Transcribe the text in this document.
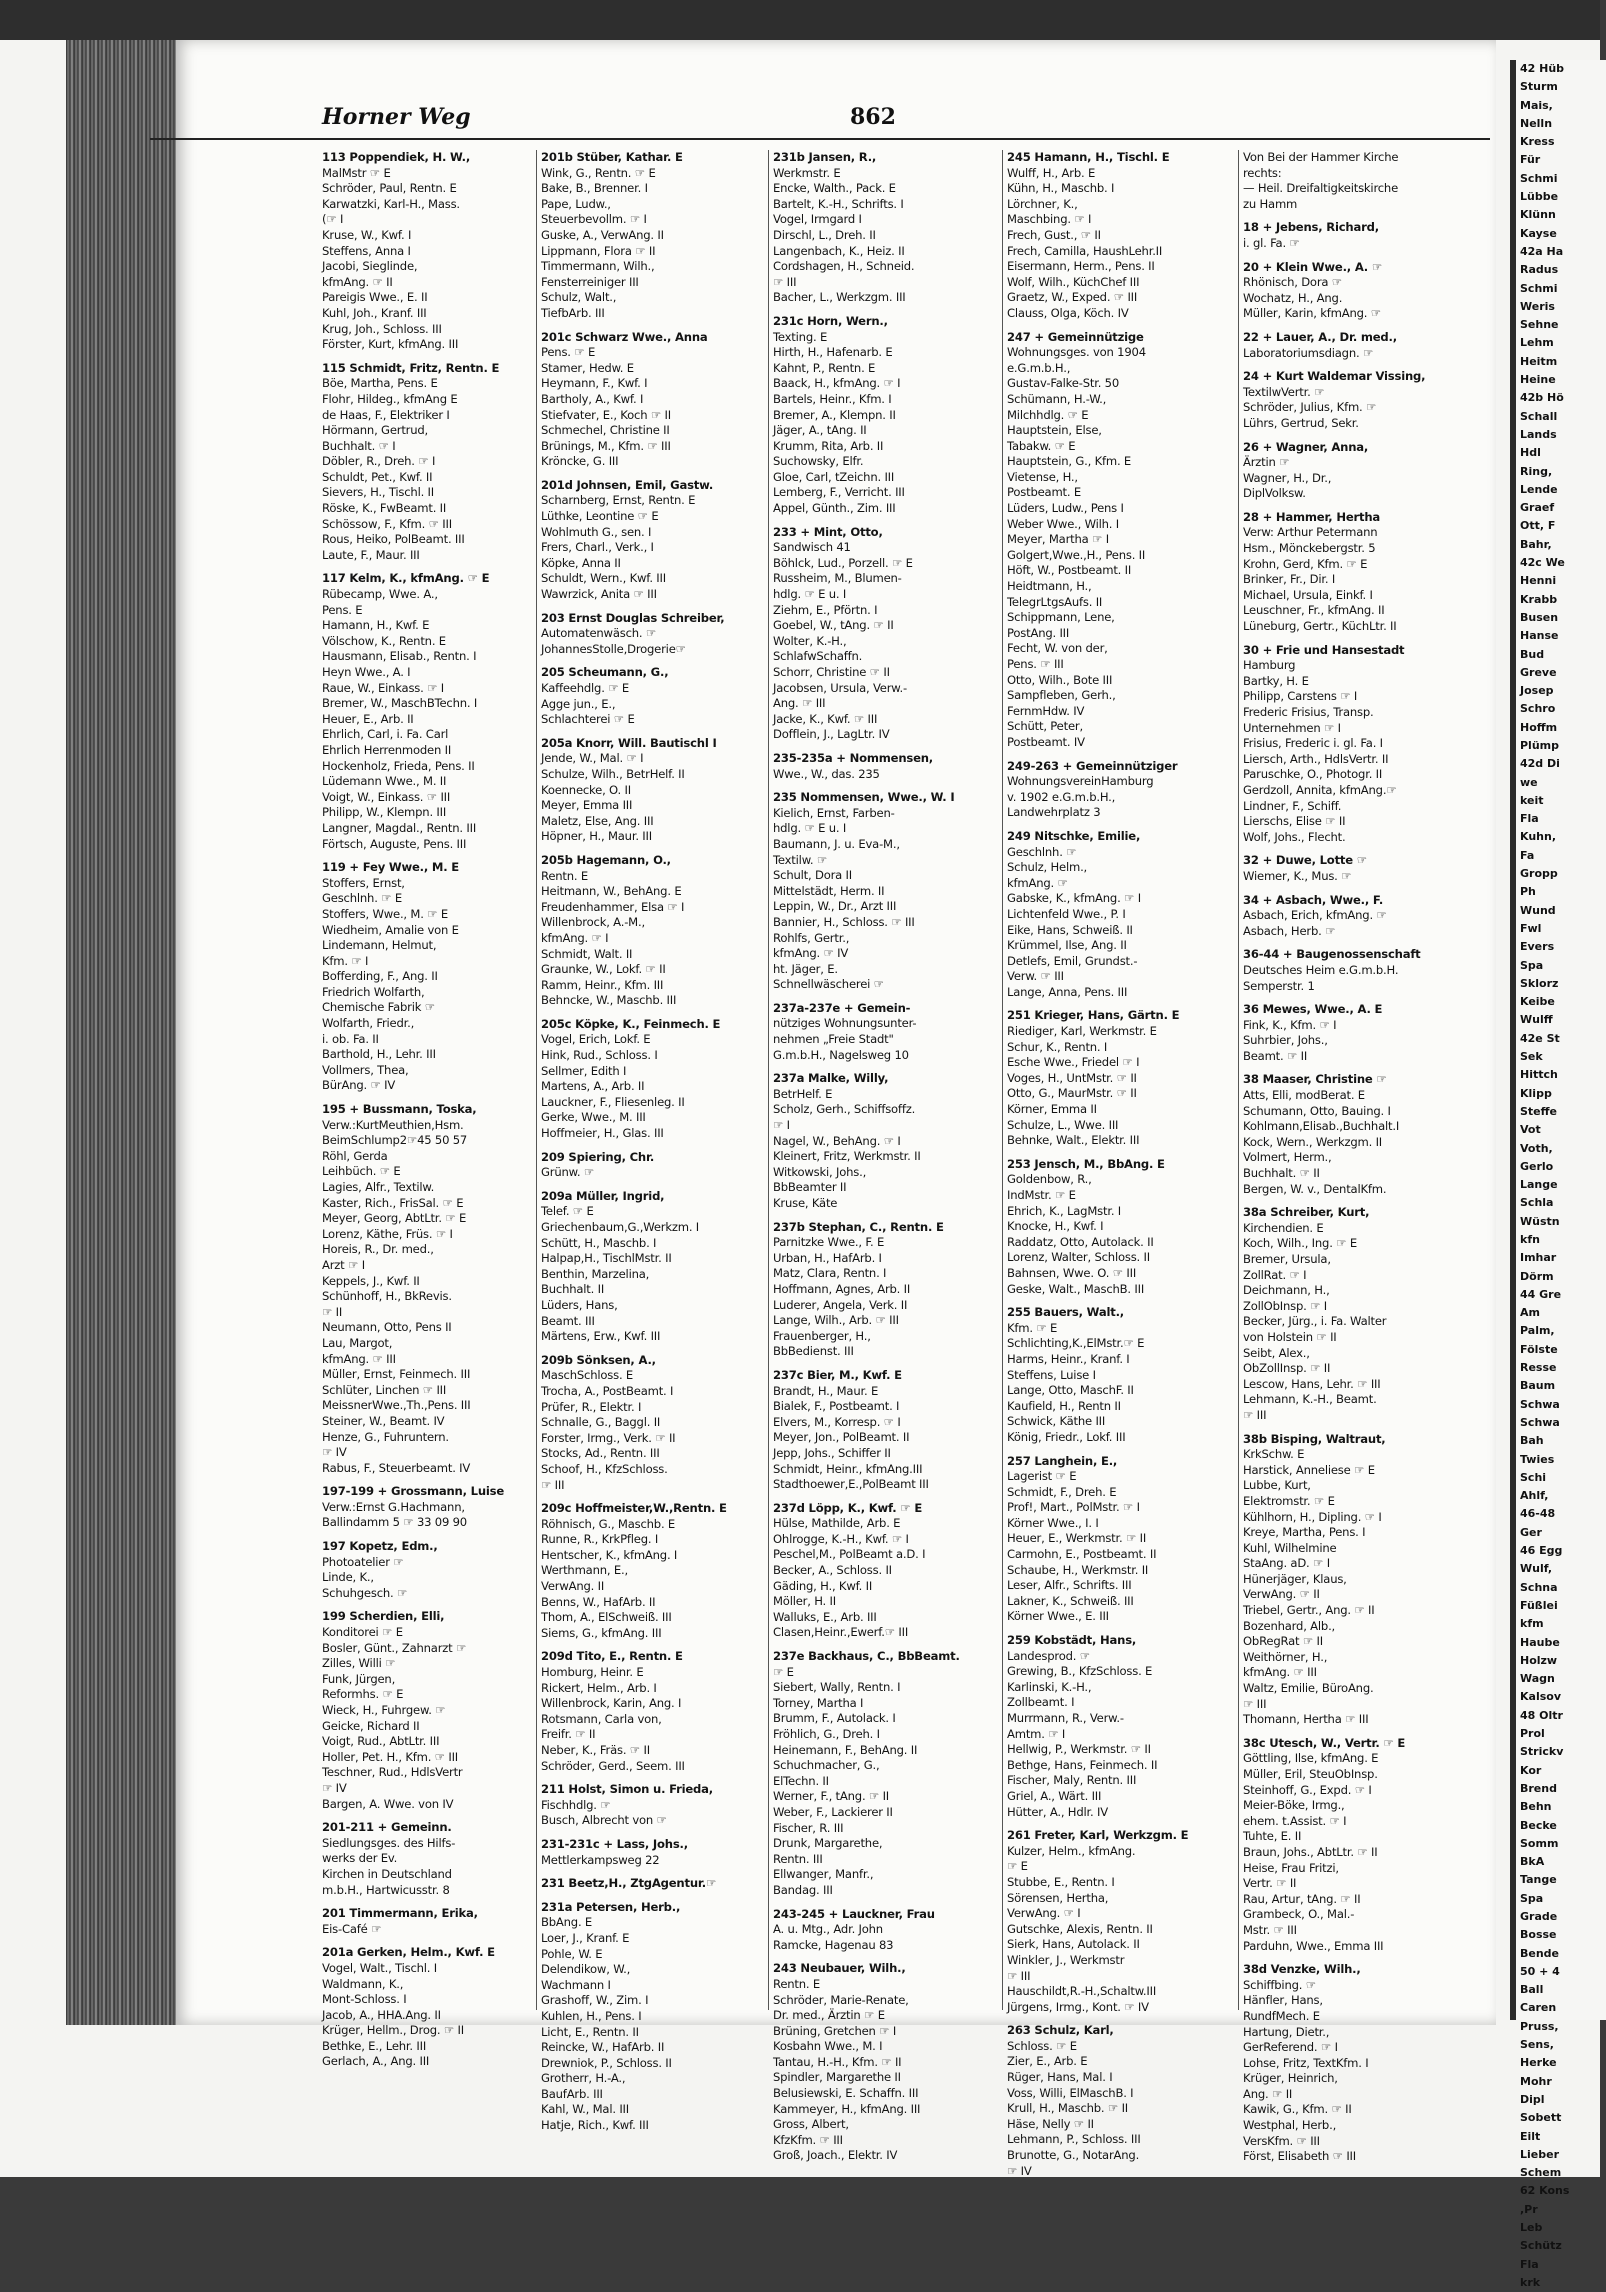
42 Hüb
Sturm
Mais,
Nelln
Kress
Für
Schmi
Lübbe
Klünn
Kayse
42a Ha
Radus
Schmi
Weris
Sehne
Lehm
Heitm
Heine
42b Hö
Schall
Lands
Hdl
Ring,
Lende
Graef
Ott, F
Bahr,
42c We
Henni
Krabb
Busen
Hanse
Bud
Greve
Josep
Schro
Hoffm
Plümp
42d Di
we
keit
Fla
Kuhn,
Fa
Gropp
Ph
Wund
Fwl
Evers
Spa
Sklorz
Keibe
Wulff
42e St
Sek
Hittch
Klipp
Steffe
Vot
Voth,
Gerlo
Lange
Schla
Wüstn
kfn
Imhar
Dörm
44 Gre
Am
Palm,
Fölste
Resse
Baum
Schwa
Schwa
Bah
Twies
Schi
Ahlf,
46-48
Ger
46 Egg
Wulf,
Schna
Füßlei
kfm
Haube
Holzw
Wagn
Kalsov
48 Oltr
Prol
Strickv
Kor
Brend
Behn
Becke
Somm
BkA
Tange
Spa
Grade
Bosse
Bende
50 + 4
Ball
Caren
Pruss,
Sens,
Herke
Mohr
Dipl
Sobett
Eilt
Lieber
Schem
62 Kons
,Pr
Leb
Schütz
Fla
krk
Horner Weg	862
113 Poppendiek, H. W.,
MalMstr ☞ E
Schröder, Paul, Rentn. E
Karwatzki, Karl-H., Mass.
(☞ I
Kruse, W., Kwf. I
Steffens, Anna I
Jacobi, Sieglinde,
kfmAng. ☞ II
Pareigis Wwe., E. II
Kuhl, Joh., Kranf. III
Krug, Joh., Schloss. III
Förster, Kurt, kfmAng. III
115 Schmidt, Fritz, Rentn. E
Böe, Martha, Pens. E
Flohr, Hildeg., kfmAng E
de Haas, F., Elektriker I
Hörmann, Gertrud,
Buchhalt. ☞ I
Döbler, R., Dreh. ☞ I
Schuldt, Pet., Kwf. II
Sievers, H., Tischl. II
Röske, K., FwBeamt. II
Schössow, F., Kfm. ☞ III
Rous, Heiko, PolBeamt. III
Laute, F., Maur. III
117 Kelm, K., kfmAng. ☞ E
Rübecamp, Wwe. A.,
Pens. E
Hamann, H., Kwf. E
Völschow, K., Rentn. E
Hausmann, Elisab., Rentn. I
Heyn Wwe., A. I
Raue, W., Einkass. ☞ I
Bremer, W., MaschBTechn. I
Heuer, E., Arb. II
Ehrlich, Carl, i. Fa. Carl
Ehrlich Herrenmoden II
Hockenholz, Frieda, Pens. II
Lüdemann Wwe., M. II
Voigt, W., Einkass. ☞ III
Philipp, W., Klempn. III
Langner, Magdal., Rentn. III
Förtsch, Auguste, Pens. III
119 + Fey Wwe., M. E
Stoffers, Ernst,
Geschlnh. ☞ E
Stoffers, Wwe., M. ☞ E
Wiedheim, Amalie von E
Lindemann, Helmut,
Kfm. ☞ I
Bofferding, F., Ang. II
Friedrich Wolfarth,
Chemische Fabrik ☞
Wolfarth, Friedr.,
i. ob. Fa. II
Barthold, H., Lehr. III
Vollmers, Thea,
BürAng. ☞ IV
195 + Bussmann, Toska,
Verw.:KurtMeuthien,Hsm.
BeimSchlump2☞45 50 57
Röhl, Gerda
Leihbüch. ☞ E
Lagies, Alfr., Textilw.
Kaster, Rich., FrisSal. ☞ E
Meyer, Georg, AbtLtr. ☞ E
Lorenz, Käthe, Früs. ☞ I
Horeis, R., Dr. med.,
Arzt ☞ I
Keppels, J., Kwf. II
Schünhoff, H., BkRevis.
☞ II
Neumann, Otto, Pens II
Lau, Margot,
kfmAng. ☞ III
Müller, Ernst, Feinmech. III
Schlüter, Linchen ☞ III
MeissnerWwe.,Th.,Pens. III
Steiner, W., Beamt. IV
Henze, G., Fuhruntern.
☞ IV
Rabus, F., Steuerbeamt. IV
197-199 + Grossmann, Luise
Verw.:Ernst G.Hachmann,
Ballindamm 5 ☞ 33 09 90
197 Kopetz, Edm.,
Photoatelier ☞
Linde, K.,
Schuhgesch. ☞
199 Scherdien, Elli,
Konditorei ☞ E
Bosler, Günt., Zahnarzt ☞
Zilles, Willi ☞
Funk, Jürgen,
Reformhs. ☞ E
Wieck, H., Fuhrgew. ☞
Geicke, Richard II
Voigt, Rud., AbtLtr. III
Holler, Pet. H., Kfm. ☞ III
Teschner, Rud., HdlsVertr
☞ IV
Bargen, A. Wwe. von IV
201-211 + Gemeinn.
Siedlungsges. des Hilfs-
werks der Ev.
Kirchen in Deutschland
m.b.H., Hartwicusstr. 8
201 Timmermann, Erika,
Eis-Café ☞
201a Gerken, Helm., Kwf. E
Vogel, Walt., Tischl. I
Waldmann, K.,
Mont-Schloss. I
Jacob, A., HHA.Ang. II
Krüger, Hellm., Drog. ☞ II
Bethke, E., Lehr. III
Gerlach, A., Ang. III
201b Stüber, Kathar. E
Wink, G., Rentn. ☞ E
Bake, B., Brenner. I
Pape, Ludw.,
Steuerbevollm. ☞ I
Guske, A., VerwAng. II
Lippmann, Flora ☞ II
Timmermann, Wilh.,
Fensterreiniger III
Schulz, Walt.,
TiefbArb. III
201c Schwarz Wwe., Anna
Pens. ☞ E
Stamer, Hedw. E
Heymann, F., Kwf. I
Bartholy, A., Kwf. I
Stiefvater, E., Koch ☞ II
Schmechel, Christine II
Brünings, M., Kfm. ☞ III
Kröncke, G. III
201d Johnsen, Emil, Gastw.
Scharnberg, Ernst, Rentn. E
Lüthke, Leontine ☞ E
Wohlmuth G., sen. I
Frers, Charl., Verk., I
Köpke, Anna II
Schuldt, Wern., Kwf. III
Wawrzick, Anita ☞ III
203 Ernst Douglas Schreiber,
Automatenwäsch. ☞
JohannesStolle,Drogerie☞
205 Scheumann, G.,
Kaffeehdlg. ☞ E
Agge jun., E.,
Schlachterei ☞ E
205a Knorr, Will. Bautischl I
Jende, W., Mal. ☞ I
Schulze, Wilh., BetrHelf. II
Koennecke, O. II
Meyer, Emma III
Maletz, Else, Ang. III
Höpner, H., Maur. III
205b Hagemann, O.,
Rentn. E
Heitmann, W., BehAng. E
Freudenhammer, Elsa ☞ I
Willenbrock, A.-M.,
kfmAng. ☞ I
Schmidt, Walt. II
Graunke, W., Lokf. ☞ II
Ramm, Heinr., Kfm. III
Behncke, W., Maschb. III
205c Köpke, K., Feinmech. E
Vogel, Erich, Lokf. E
Hink, Rud., Schloss. I
Sellmer, Edith I
Martens, A., Arb. II
Lauckner, F., Fliesenleg. II
Gerke, Wwe., M. III
Hoffmeier, H., Glas. III
209 Spiering, Chr.
Grünw. ☞
209a Müller, Ingrid,
Telef. ☞ E
Griechenbaum,G.,Werkzm. I
Schütt, H., Maschb. I
Halpap,H., TischlMstr. II
Benthin, Marzelina,
Buchhalt. II
Lüders, Hans,
Beamt. III
Märtens, Erw., Kwf. III
209b Sönksen, A.,
MaschSchloss. E
Trocha, A., PostBeamt. I
Prüfer, R., Elektr. I
Schnalle, G., Baggl. II
Forster, Irmg., Verk. ☞ II
Stocks, Ad., Rentn. III
Schoof, H., KfzSchloss.
☞ III
209c Hoffmeister,W.,Rentn. E
Röhnisch, G., Maschb. E
Runne, R., KrkPfleg. I
Hentscher, K., kfmAng. I
Werthmann, E.,
VerwAng. II
Benns, W., HafArb. II
Thom, A., ElSchweiß. III
Siems, G., kfmAng. III
209d Tito, E., Rentn. E
Homburg, Heinr. E
Rickert, Helm., Arb. I
Willenbrock, Karin, Ang. I
Rotsmann, Carla von,
Freifr. ☞ II
Neber, K., Fräs. ☞ II
Schröder, Gerd., Seem. III
211 Holst, Simon u. Frieda,
Fischhdlg. ☞
Busch, Albrecht von ☞
231-231c + Lass, Johs.,
Mettlerkampsweg 22
231 Beetz,H., ZtgAgentur.☞
231a Petersen, Herb.,
BbAng. E
Loer, J., Kranf. E
Pohle, W. E
Delendikow, W.,
Wachmann I
Grashoff, W., Zim. I
Kuhlen, H., Pens. I
Licht, E., Rentn. II
Reincke, W., HafArb. II
Drewniok, P., Schloss. II
Grotherr, H.-A.,
BaufArb. III
Kahl, W., Mal. III
Hatje, Rich., Kwf. III
231b Jansen, R.,
Werkmstr. E
Encke, Walth., Pack. E
Bartelt, K.-H., Schrifts. I
Vogel, Irmgard I
Dirschl, L., Dreh. II
Langenbach, K., Heiz. II
Cordshagen, H., Schneid.
☞ III
Bacher, L., Werkzgm. III
231c Horn, Wern.,
Texting. E
Hirth, H., Hafenarb. E
Kahnt, P., Rentn. E
Baack, H., kfmAng. ☞ I
Bartels, Heinr., Kfm. I
Bremer, A., Klempn. II
Jäger, A., tAng. II
Krumm, Rita, Arb. II
Suchowsky, Elfr.
Gloe, Carl, tZeichn. III
Lemberg, F., Verricht. III
Appel, Günth., Zim. III
233 + Mint, Otto,
Sandwisch 41
Böhlck, Lud., Porzell. ☞ E
Russheim, M., Blumen-
hdlg. ☞ E u. I
Ziehm, E., Pförtn. I
Goebel, W., tAng. ☞ II
Wolter, K.-H.,
SchlafwSchaffn.
Schorr, Christine ☞ II
Jacobsen, Ursula, Verw.-
Ang. ☞ III
Jacke, K., Kwf. ☞ III
Dofflein, J., LagLtr. IV
235-235a + Nommensen,
Wwe., W., das. 235
235 Nommensen, Wwe., W. I
Kielich, Ernst, Farben-
hdlg. ☞ E u. I
Baumann, J. u. Eva-M.,
Textilw. ☞
Schult, Dora II
Mittelstädt, Herm. II
Leppin, W., Dr., Arzt III
Bannier, H., Schloss. ☞ III
Rohlfs, Gertr.,
kfmAng. ☞ IV
ht. Jäger, E.
Schnellwäscherei ☞
237a-237e + Gemein-
nütziges Wohnungsunter-
nehmen „Freie Stadt"
G.m.b.H., Nagelsweg 10
237a Malke, Willy,
BetrHelf. E
Scholz, Gerh., Schiffsoffz.
☞ I
Nagel, W., BehAng. ☞ I
Kleinert, Fritz, Werkmstr. II
Witkowski, Johs.,
BbBeamter II
Kruse, Käte
237b Stephan, C., Rentn. E
Parnitzke Wwe., F. E
Urban, H., HafArb. I
Matz, Clara, Rentn. I
Hoffmann, Agnes, Arb. II
Luderer, Angela, Verk. II
Lange, Wilh., Arb. ☞ III
Frauenberger, H.,
BbBedienst. III
237c Bier, M., Kwf. E
Brandt, H., Maur. E
Bialek, F., Postbeamt. I
Elvers, M., Korresp. ☞ I
Meyer, Jon., PolBeamt. II
Jepp, Johs., Schiffer II
Schmidt, Heinr., kfmAng.III
Stadthoewer,E.,PolBeamt III
237d Löpp, K., Kwf. ☞ E
Hülse, Mathilde, Arb. E
Ohlrogge, K.-H., Kwf. ☞ I
Peschel,M., PolBeamt a.D. I
Becker, A., Schloss. II
Gäding, H., Kwf. II
Möller, H. II
Walluks, E., Arb. III
Clasen,Heinr.,Ewerf.☞ III
237e Backhaus, C., BbBeamt.
☞ E
Siebert, Wally, Rentn. I
Torney, Martha I
Brumm, F., Autolack. I
Fröhlich, G., Dreh. I
Heinemann, F., BehAng. II
Schuchmacher, G.,
ElTechn. II
Werner, F., tAng. ☞ II
Weber, F., Lackierer II
Fischer, R. III
Drunk, Margarethe,
Rentn. III
Ellwanger, Manfr.,
Bandag. III
243-245 + Lauckner, Frau
A. u. Mtg., Adr. John
Ramcke, Hagenau 83
243 Neubauer, Wilh.,
Rentn. E
Schröder, Marie-Renate,
Dr. med., Ärztin ☞ E
Brüning, Gretchen ☞ I
Kosbahn Wwe., M. I
Tantau, H.-H., Kfm. ☞ II
Spindler, Margarethe II
Belusiewski, E. Schaffn. III
Kammeyer, H., kfmAng. III
Gross, Albert,
KfzKfm. ☞ III
Groß, Joach., Elektr. IV
245 Hamann, H., Tischl. E
Wulff, H., Arb. E
Kühn, H., Maschb. I
Lörchner, K.,
Maschbing. ☞ I
Frech, Gust., ☞ II
Frech, Camilla, HaushLehr.II
Eisermann, Herm., Pens. II
Wolf, Wilh., KüchChef III
Graetz, W., Exped. ☞ III
Clauss, Olga, Köch. IV
247 + Gemeinnützige
Wohnungsges. von 1904
e.G.m.b.H.,
Gustav-Falke-Str. 50
Schümann, H.-W.,
Milchhdlg. ☞ E
Hauptstein, Else,
Tabakw. ☞ E
Hauptstein, G., Kfm. E
Vietense, H.,
Postbeamt. E
Lüders, Ludw., Pens I
Weber Wwe., Wilh. I
Meyer, Martha ☞ I
Golgert,Wwe.,H., Pens. II
Höft, W., Postbeamt. II
Heidtmann, H.,
TelegrLtgsAufs. II
Schippmann, Lene,
PostAng. III
Fecht, W. von der,
Pens. ☞ III
Otto, Wilh., Bote III
Sampfleben, Gerh.,
FernmHdw. IV
Schütt, Peter,
Postbeamt. IV
249-263 + Gemeinnütziger
WohnungsvereinHamburg
v. 1902 e.G.m.b.H.,
Landwehrplatz 3
249 Nitschke, Emilie,
Geschlnh. ☞
Schulz, Helm.,
kfmAng. ☞
Gabske, K., kfmAng. ☞ I
Lichtenfeld Wwe., P. I
Eike, Hans, Schweiß. II
Krümmel, Ilse, Ang. II
Detlefs, Emil, Grundst.-
Verw. ☞ III
Lange, Anna, Pens. III
251 Krieger, Hans, Gärtn. E
Riediger, Karl, Werkmstr. E
Schur, K., Rentn. I
Esche Wwe., Friedel ☞ I
Voges, H., UntMstr. ☞ II
Otto, G., MaurMstr. ☞ II
Körner, Emma II
Schulze, L., Wwe. III
Behnke, Walt., Elektr. III
253 Jensch, M., BbAng. E
Goldenbow, R.,
IndMstr. ☞ E
Ehrich, K., LagMstr. I
Knocke, H., Kwf. I
Raddatz, Otto, Autolack. II
Lorenz, Walter, Schloss. II
Bahnsen, Wwe. O. ☞ III
Geske, Walt., MaschB. III
255 Bauers, Walt.,
Kfm. ☞ E
Schlichting,K.,ElMstr.☞ E
Harms, Heinr., Kranf. I
Steffens, Luise I
Lange, Otto, MaschF. II
Kaufield, H., Rentn II
Schwick, Käthe III
König, Friedr., Lokf. III
257 Langhein, E.,
Lagerist ☞ E
Schmidt, F., Dreh. E
Prof!, Mart., PolMstr. ☞ I
Körner Wwe., I. I
Heuer, E., Werkmstr. ☞ II
Carmohn, E., Postbeamt. II
Schaube, H., Werkmstr. II
Leser, Alfr., Schrifts. III
Lakner, K., Schweiß. III
Körner Wwe., E. III
259 Kobstädt, Hans,
Landesprod. ☞
Grewing, B., KfzSchloss. E
Karlinski, K.-H.,
Zollbeamt. I
Murrmann, R., Verw.-
Amtm. ☞ I
Hellwig, P., Werkmstr. ☞ II
Bethge, Hans, Feinmech. II
Fischer, Maly, Rentn. III
Griel, A., Wärt. III
Hütter, A., Hdlr. IV
261 Freter, Karl, Werkzgm. E
Kulzer, Helm., kfmAng.
☞ E
Stubbe, E., Rentn. I
Sörensen, Hertha,
VerwAng. ☞ I
Gutschke, Alexis, Rentn. II
Sierk, Hans, Autolack. II
Winkler, J., Werkmstr
☞ III
Hauschildt,R.-H.,Schaltw.III
Jürgens, Irmg., Kont. ☞ IV
263 Schulz, Karl,
Schloss. ☞ E
Zier, E., Arb. E
Rüger, Hans, Mal. I
Voss, Willi, ElMaschB. I
Krull, H., Maschb. ☞ II
Häse, Nelly ☞ II
Lehmann, P., Schloss. III
Brunotte, G., NotarAng.
☞ IV
Von Bei der Hammer Kirche
rechts:
— Heil. Dreifaltigkeitskirche
zu Hamm
18 + Jebens, Richard,
i. gl. Fa. ☞
20 + Klein Wwe., A. ☞
Rhönisch, Dora ☞
Wochatz, H., Ang.
Müller, Karin, kfmAng. ☞
22 + Lauer, A., Dr. med.,
Laboratoriumsdiagn. ☞
24 + Kurt Waldemar Vissing,
TextilwVertr. ☞
Schröder, Julius, Kfm. ☞
Lührs, Gertrud, Sekr.
26 + Wagner, Anna,
Ärztin ☞
Wagner, H., Dr.,
DiplVolksw.
28 + Hammer, Hertha
Verw: Arthur Petermann
Hsm., Mönckebergstr. 5
Krohn, Gerd, Kfm. ☞ E
Brinker, Fr., Dir. I
Michael, Ursula, Einkf. I
Leuschner, Fr., kfmAng. II
Lüneburg, Gertr., KüchLtr. II
30 + Frie und Hansestadt
Hamburg
Bartky, H. E
Philipp, Carstens ☞ I
Frederic Frisius, Transp.
Unternehmen ☞ I
Frisius, Frederic i. gl. Fa. I
Liersch, Arth., HdlsVertr. II
Paruschke, O., Photogr. II
Gerdzoll, Annita, kfmAng.☞
Lindner, F., Schiff.
Lierschs, Elise ☞ II
Wolf, Johs., Flecht.
32 + Duwe, Lotte ☞
Wiemer, K., Mus. ☞
34 + Asbach, Wwe., F.
Asbach, Erich, kfmAng. ☞
Asbach, Herb. ☞
36-44 + Baugenossenschaft
Deutsches Heim e.G.m.b.H.
Semperstr. 1
36 Mewes, Wwe., A. E
Fink, K., Kfm. ☞ I
Suhrbier, Johs.,
Beamt. ☞ II
38 Maaser, Christine ☞
Atts, Elli, modBerat. E
Schumann, Otto, Bauing. I
Kohlmann,Elisab.,Buchhalt.I
Kock, Wern., Werkzgm. II
Volmert, Herm.,
Buchhalt. ☞ II
Bergen, W. v., DentalKfm.
38a Schreiber, Kurt,
Kirchendien. E
Koch, Wilh., Ing. ☞ E
Bremer, Ursula,
ZollRat. ☞ I
Deichmann, H.,
ZollObInsp. ☞ I
Becker, Jürg., i. Fa. Walter
von Holstein ☞ II
Seibt, Alex.,
ObZollInsp. ☞ II
Lescow, Hans, Lehr. ☞ III
Lehmann, K.-H., Beamt.
☞ III
38b Bisping, Waltraut,
KrkSchw. E
Harstick, Anneliese ☞ E
Lubbe, Kurt,
Elektromstr. ☞ E
Kühlhorn, H., Dipling. ☞ I
Kreye, Martha, Pens. I
Kuhl, Wilhelmine
StaAng. aD. ☞ I
Hünerjäger, Klaus,
VerwAng. ☞ II
Triebel, Gertr., Ang. ☞ II
Bozenhard, Alb.,
ObRegRat ☞ II
Weithörner, H.,
kfmAng. ☞ III
Waltz, Emilie, BüroAng.
☞ III
Thomann, Hertha ☞ III
38c Utesch, W., Vertr. ☞ E
Göttling, Ilse, kfmAng. E
Müller, Eril, SteuObInsp.
Steinhoff, G., Expd. ☞ I
Meier-Böke, Irmg.,
ehem. t.Assist. ☞ I
Tuhte, E. II
Braun, Johs., AbtLtr. ☞ II
Heise, Frau Fritzi,
Vertr. ☞ II
Rau, Artur, tAng. ☞ II
Grambeck, O., Mal.-
Mstr. ☞ III
Parduhn, Wwe., Emma III
38d Venzke, Wilh.,
Schiffbing. ☞
Hänfler, Hans,
RundfMech. E
Hartung, Dietr.,
GerReferend. ☞ I
Lohse, Fritz, TextKfm. I
Krüger, Heinrich,
Ang. ☞ II
Kawik, G., Kfm. ☞ II
Westphal, Herb.,
VersKfm. ☞ III
Först, Elisabeth ☞ III
